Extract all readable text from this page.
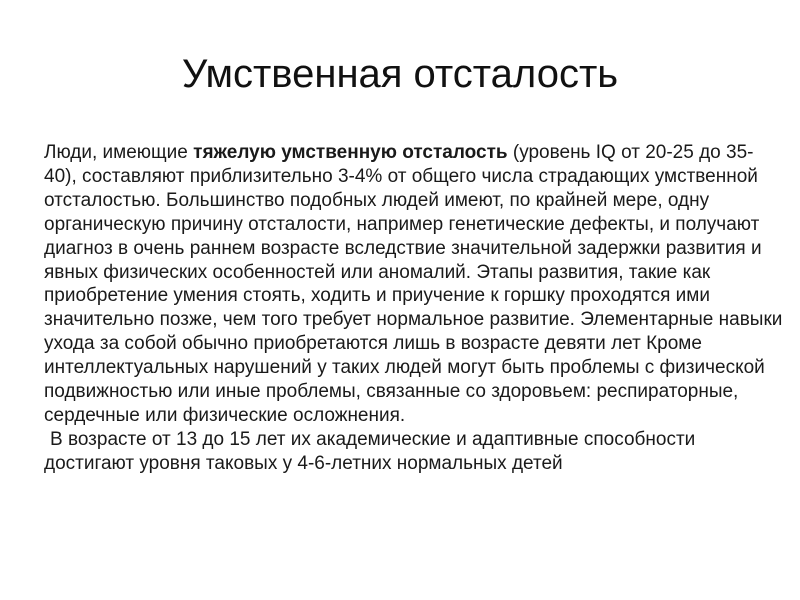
Умственная отсталость

Люди, имеющие тяжелую умственную отсталость (уровень IQ от 20-25 до 35-40), составляют приблизительно 3-4% от общего числа страдающих умственной отсталостью. Большинство подобных людей имеют, по крайней мере, одну органическую причину отсталости, например генетические дефекты, и получают диагноз в очень раннем возрасте вследствие значительной задержки развития и явных физических особенностей или аномалий. Этапы развития, такие как приобретение умения стоять, ходить и приучение к горшку проходятся ими значительно позже, чем того требует нормальное развитие. Элементарные навыки ухода за собой обычно приобретаются лишь в возрасте девяти лет Кроме интеллектуальных нарушений у таких людей могут быть проблемы с физической подвижностью или иные проблемы, связанные со здоровьем: респираторные, сердечные или физические осложнения.

В возрасте от 13 до 15 лет их академические и адаптивные способности достигают уровня таковых у 4-6-летних нормальных детей
